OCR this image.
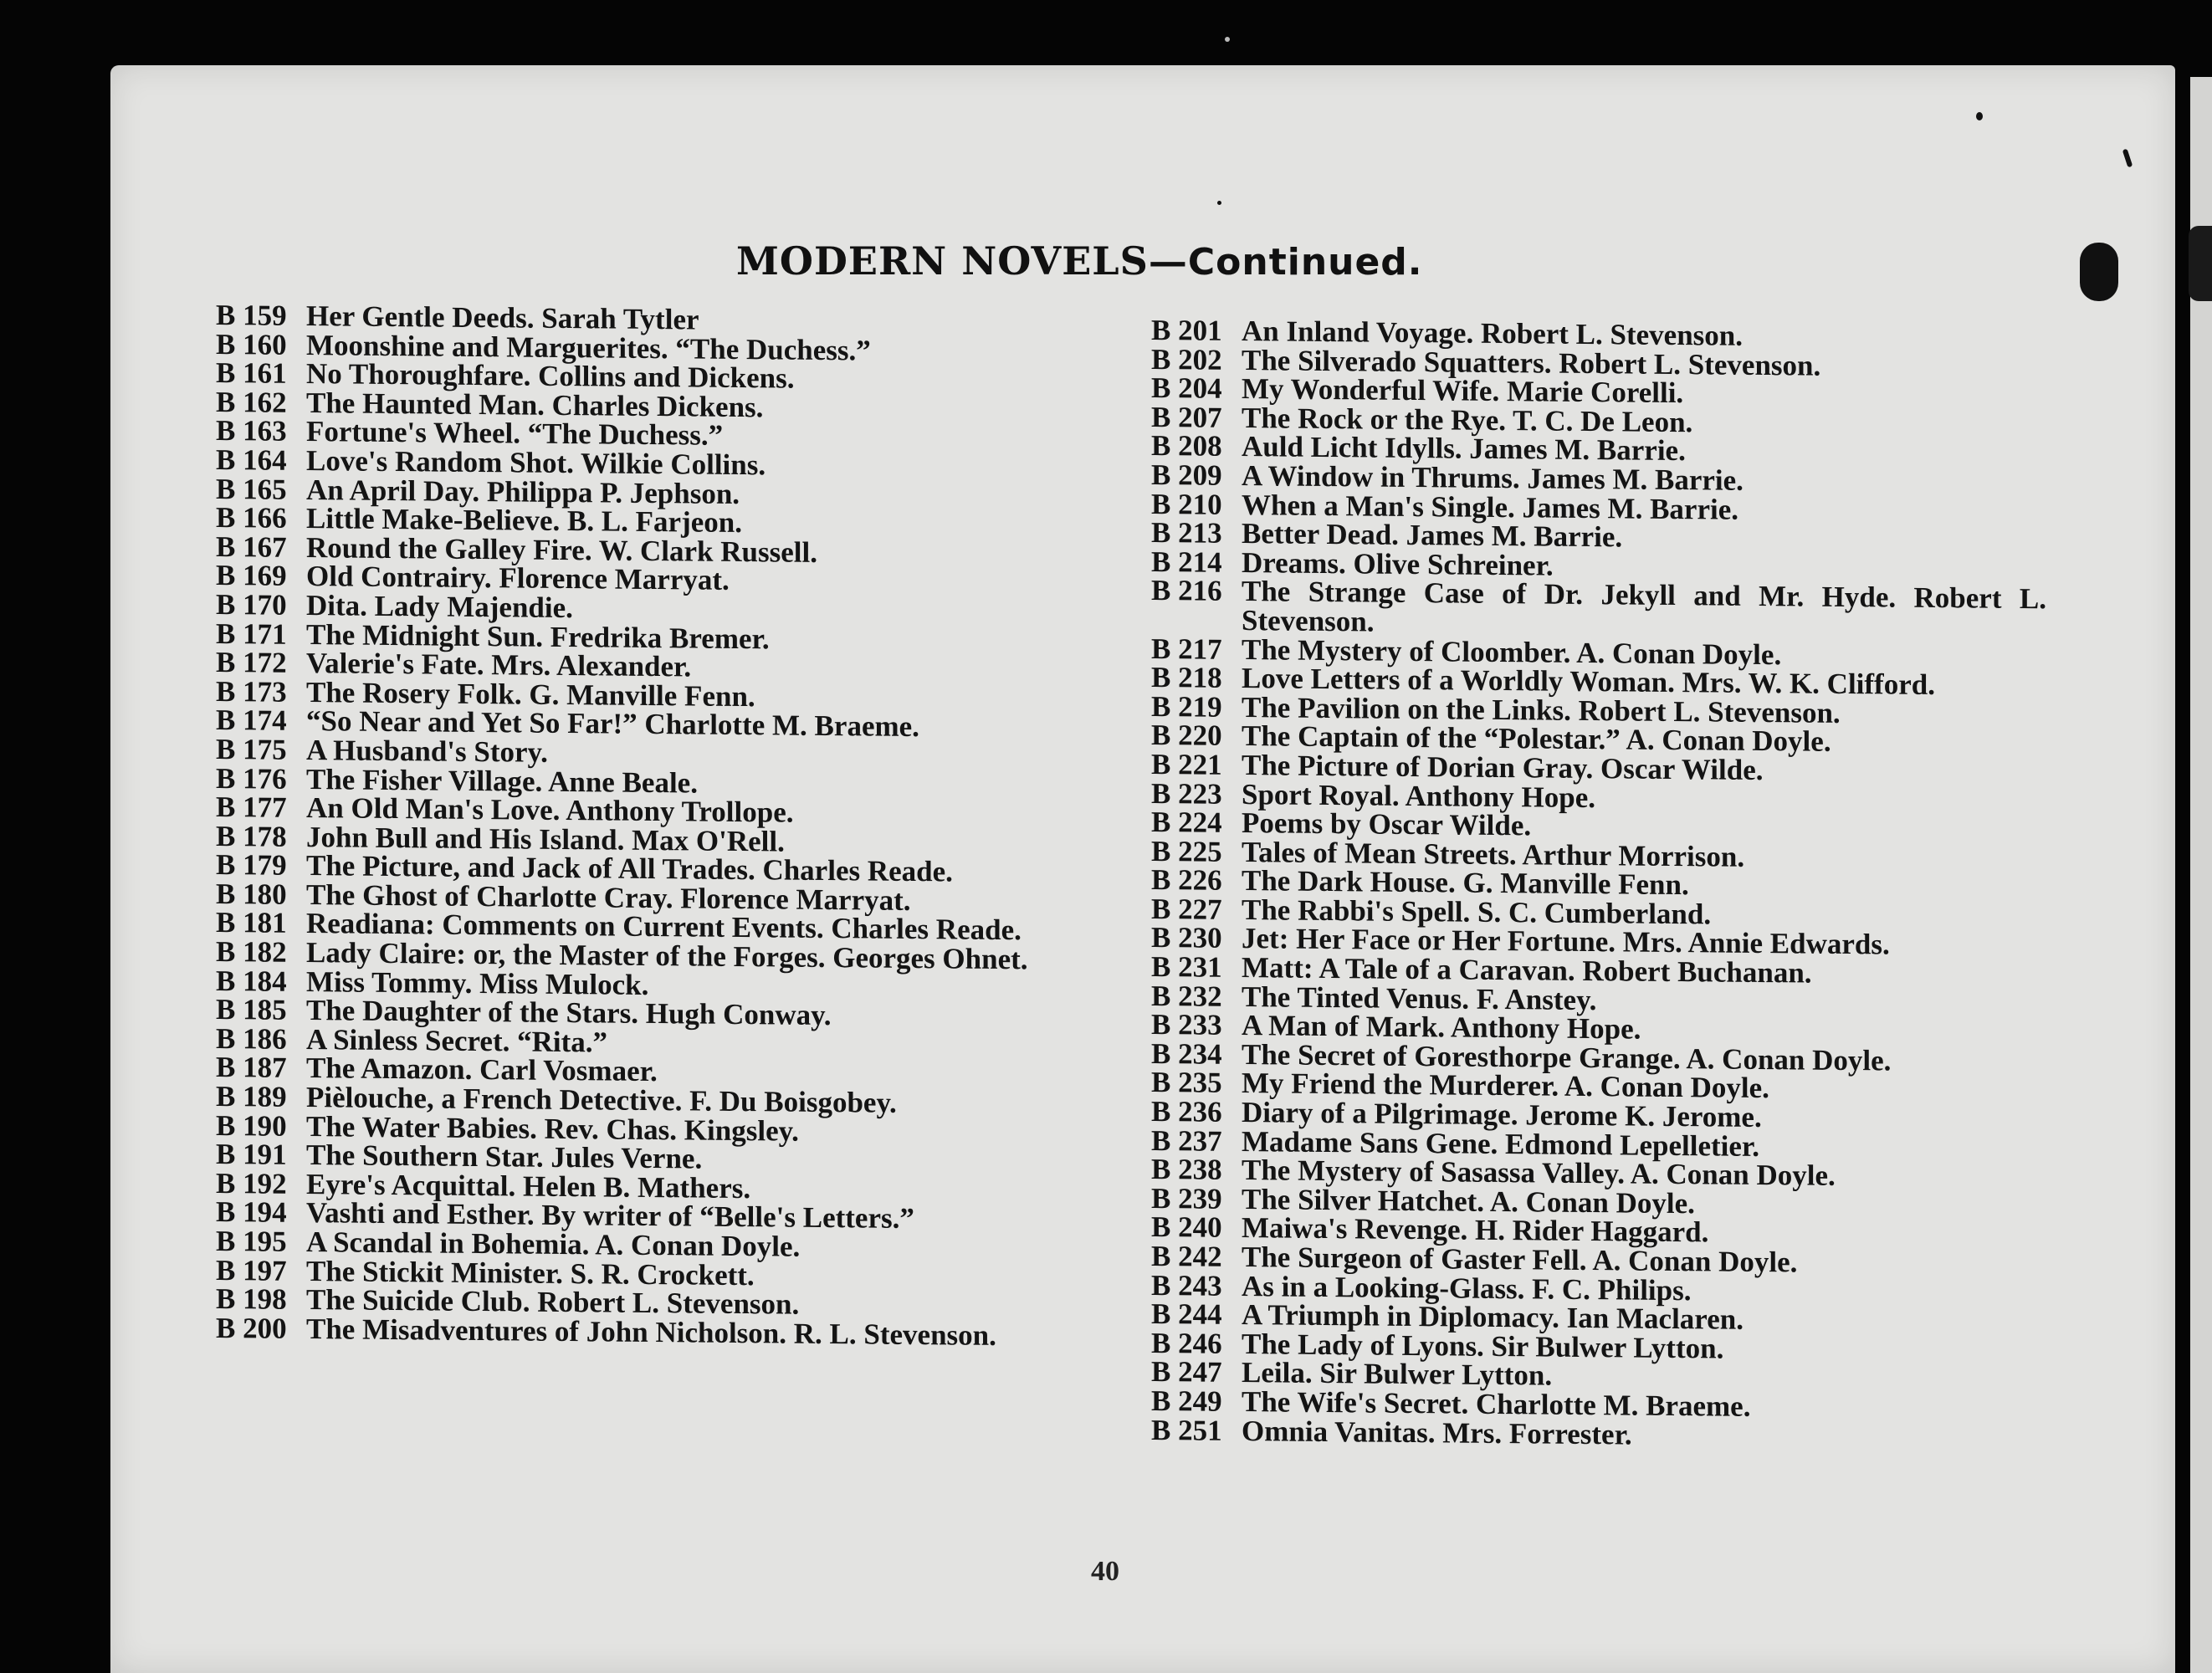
MODERN NOVELS—Continued.
B 159 Her Gentle Deeds. Sarah Tytler
B 160 Moonshine and Marguerites. “The Duchess.”
B 161 No Thoroughfare. Collins and Dickens.
B 162 The Haunted Man. Charles Dickens.
B 163 Fortune's Wheel. “The Duchess.”
B 164 Love's Random Shot. Wilkie Collins.
B 165 An April Day. Philippa P. Jephson.
B 166 Little Make-Believe. B. L. Farjeon.
B 167 Round the Galley Fire. W. Clark Russell.
B 169 Old Contrairy. Florence Marryat.
B 170 Dita. Lady Majendie.
B 171 The Midnight Sun. Fredrika Bremer.
B 172 Valerie's Fate. Mrs. Alexander.
B 173 The Rosery Folk. G. Manville Fenn.
B 174 “So Near and Yet So Far!” Charlotte M. Braeme.
B 175 A Husband's Story.
B 176 The Fisher Village. Anne Beale.
B 177 An Old Man's Love. Anthony Trollope.
B 178 John Bull and His Island. Max O'Rell.
B 179 The Picture, and Jack of All Trades. Charles Reade.
B 180 The Ghost of Charlotte Cray. Florence Marryat.
B 181 Readiana: Comments on Current Events. Charles Reade.
B 182 Lady Claire: or, the Master of the Forges. Georges Ohnet.
B 184 Miss Tommy. Miss Mulock.
B 185 The Daughter of the Stars. Hugh Conway.
B 186 A Sinless Secret. “Rita.”
B 187 The Amazon. Carl Vosmaer.
B 189 Pièlouche, a French Detective. F. Du Boisgobey.
B 190 The Water Babies. Rev. Chas. Kingsley.
B 191 The Southern Star. Jules Verne.
B 192 Eyre's Acquittal. Helen B. Mathers.
B 194 Vashti and Esther. By writer of “Belle's Letters.”
B 195 A Scandal in Bohemia. A. Conan Doyle.
B 197 The Stickit Minister. S. R. Crockett.
B 198 The Suicide Club. Robert L. Stevenson.
B 200 The Misadventures of John Nicholson. R. L. Stevenson.
B 201 An Inland Voyage. Robert L. Stevenson.
B 202 The Silverado Squatters. Robert L. Stevenson.
B 204 My Wonderful Wife. Marie Corelli.
B 207 The Rock or the Rye. T. C. De Leon.
B 208 Auld Licht Idylls. James M. Barrie.
B 209 A Window in Thrums. James M. Barrie.
B 210 When a Man's Single. James M. Barrie.
B 213 Better Dead. James M. Barrie.
B 214 Dreams. Olive Schreiner.
B 216 The Strange Case of Dr. Jekyll and Mr. Hyde. Robert L. Stevenson.
B 217 The Mystery of Cloomber. A. Conan Doyle.
B 218 Love Letters of a Worldly Woman. Mrs. W. K. Clifford.
B 219 The Pavilion on the Links. Robert L. Stevenson.
B 220 The Captain of the “Polestar.” A. Conan Doyle.
B 221 The Picture of Dorian Gray. Oscar Wilde.
B 223 Sport Royal. Anthony Hope.
B 224 Poems by Oscar Wilde.
B 225 Tales of Mean Streets. Arthur Morrison.
B 226 The Dark House. G. Manville Fenn.
B 227 The Rabbi's Spell. S. C. Cumberland.
B 230 Jet: Her Face or Her Fortune. Mrs. Annie Edwards.
B 231 Matt: A Tale of a Caravan. Robert Buchanan.
B 232 The Tinted Venus. F. Anstey.
B 233 A Man of Mark. Anthony Hope.
B 234 The Secret of Goresthorpe Grange. A. Conan Doyle.
B 235 My Friend the Murderer. A. Conan Doyle.
B 236 Diary of a Pilgrimage. Jerome K. Jerome.
B 237 Madame Sans Gene. Edmond Lepelletier.
B 238 The Mystery of Sasassa Valley. A. Conan Doyle.
B 239 The Silver Hatchet. A. Conan Doyle.
B 240 Maiwa's Revenge. H. Rider Haggard.
B 242 The Surgeon of Gaster Fell. A. Conan Doyle.
B 243 As in a Looking-Glass. F. C. Philips.
B 244 A Triumph in Diplomacy. Ian Maclaren.
B 246 The Lady of Lyons. Sir Bulwer Lytton.
B 247 Leila. Sir Bulwer Lytton.
B 249 The Wife's Secret. Charlotte M. Braeme.
B 251 Omnia Vanitas. Mrs. Forrester.
40
